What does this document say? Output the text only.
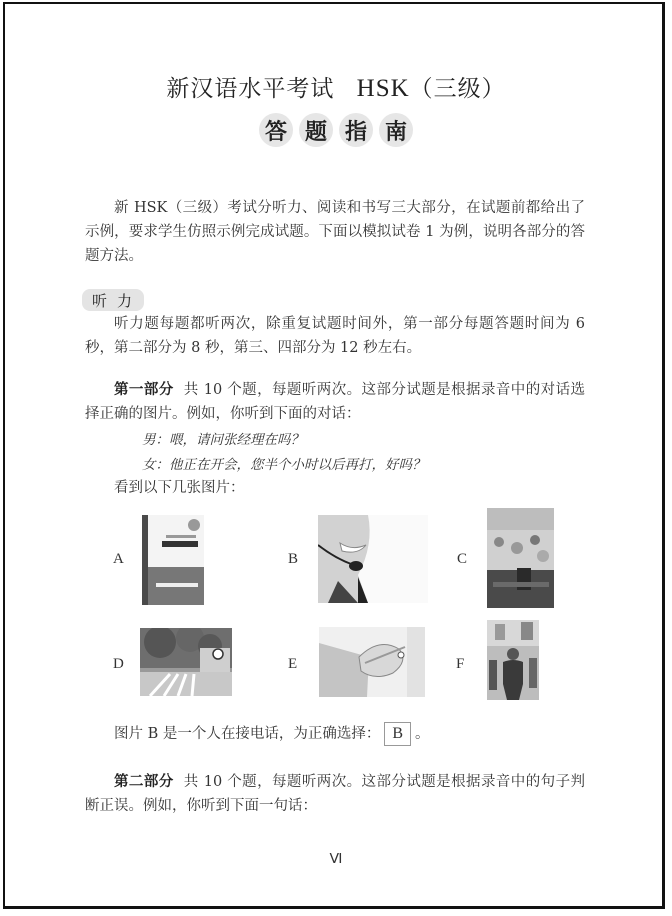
新汉语水平考试 HSK（三级）
答 题 指 南
新 HSK（三级）考试分听力、阅读和书写三大部分，在试题前都给出了示例，要求学生仿照示例完成试题。下面以模拟试卷 1 为例，说明各部分的答题方法。
听力
听力题每题都听两次，除重复试题时间外，第一部分每题答题时间为 6 秒，第二部分为 8 秒，第三、四部分为 12 秒左右。
第一部分 共 10 个题，每题听两次。这部分试题是根据录音中的对话选择正确的图片。例如，你听到下面的对话：
男：喂，请问张经理在吗？
女：他正在开会，您半个小时以后再打，好吗？
看到以下几张图片：
A	B	C
D	E	F
图片 B 是一个人在接电话，为正确选择： B 。
第二部分 共 10 个题，每题听两次。这部分试题是根据录音中的句子判断正误。例如，你听到下面一句话：
Ⅵ
